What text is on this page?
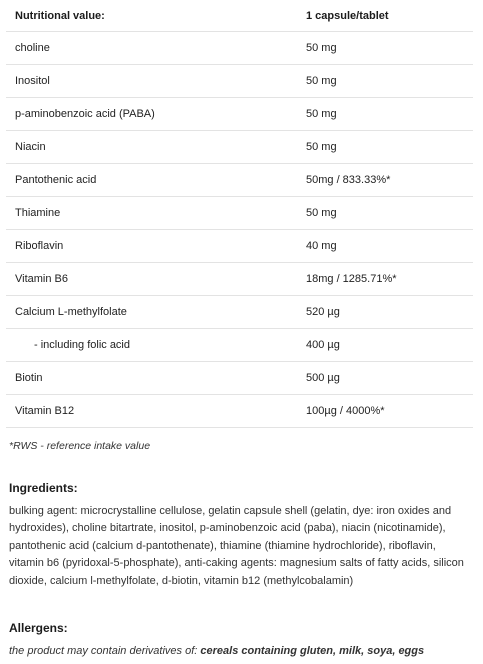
Nutritional value:	1 capsule/tablet
choline	50 mg
Inositol	50 mg
p-aminobenzoic acid (PABA)	50 mg
Niacin	50 mg
Pantothenic acid	50mg / 833.33%*
Thiamine	50 mg
Riboflavin	40 mg
Vitamin B6	18mg / 1285.71%*
Calcium L-methylfolate	520 µg
- including folic acid	400 µg
Biotin	500 µg
Vitamin B12	100µg / 4000%*
*RWS - reference intake value
Ingredients:
bulking agent: microcrystalline cellulose, gelatin capsule shell (gelatin, dye: iron oxides and hydroxides), choline bitartrate, inositol, p-aminobenzoic acid (paba), niacin (nicotinamide), pantothenic acid (calcium d-pantothenate), thiamine (thiamine hydrochloride), riboflavin, vitamin b6 (pyridoxal-5-phosphate), anti-caking agents: magnesium salts of fatty acids, silicon dioxide, calcium l-methylfolate, d-biotin, vitamin b12 (methylcobalamin)
Allergens:
the product may contain derivatives of: cereals containing gluten, milk, soya, eggs
